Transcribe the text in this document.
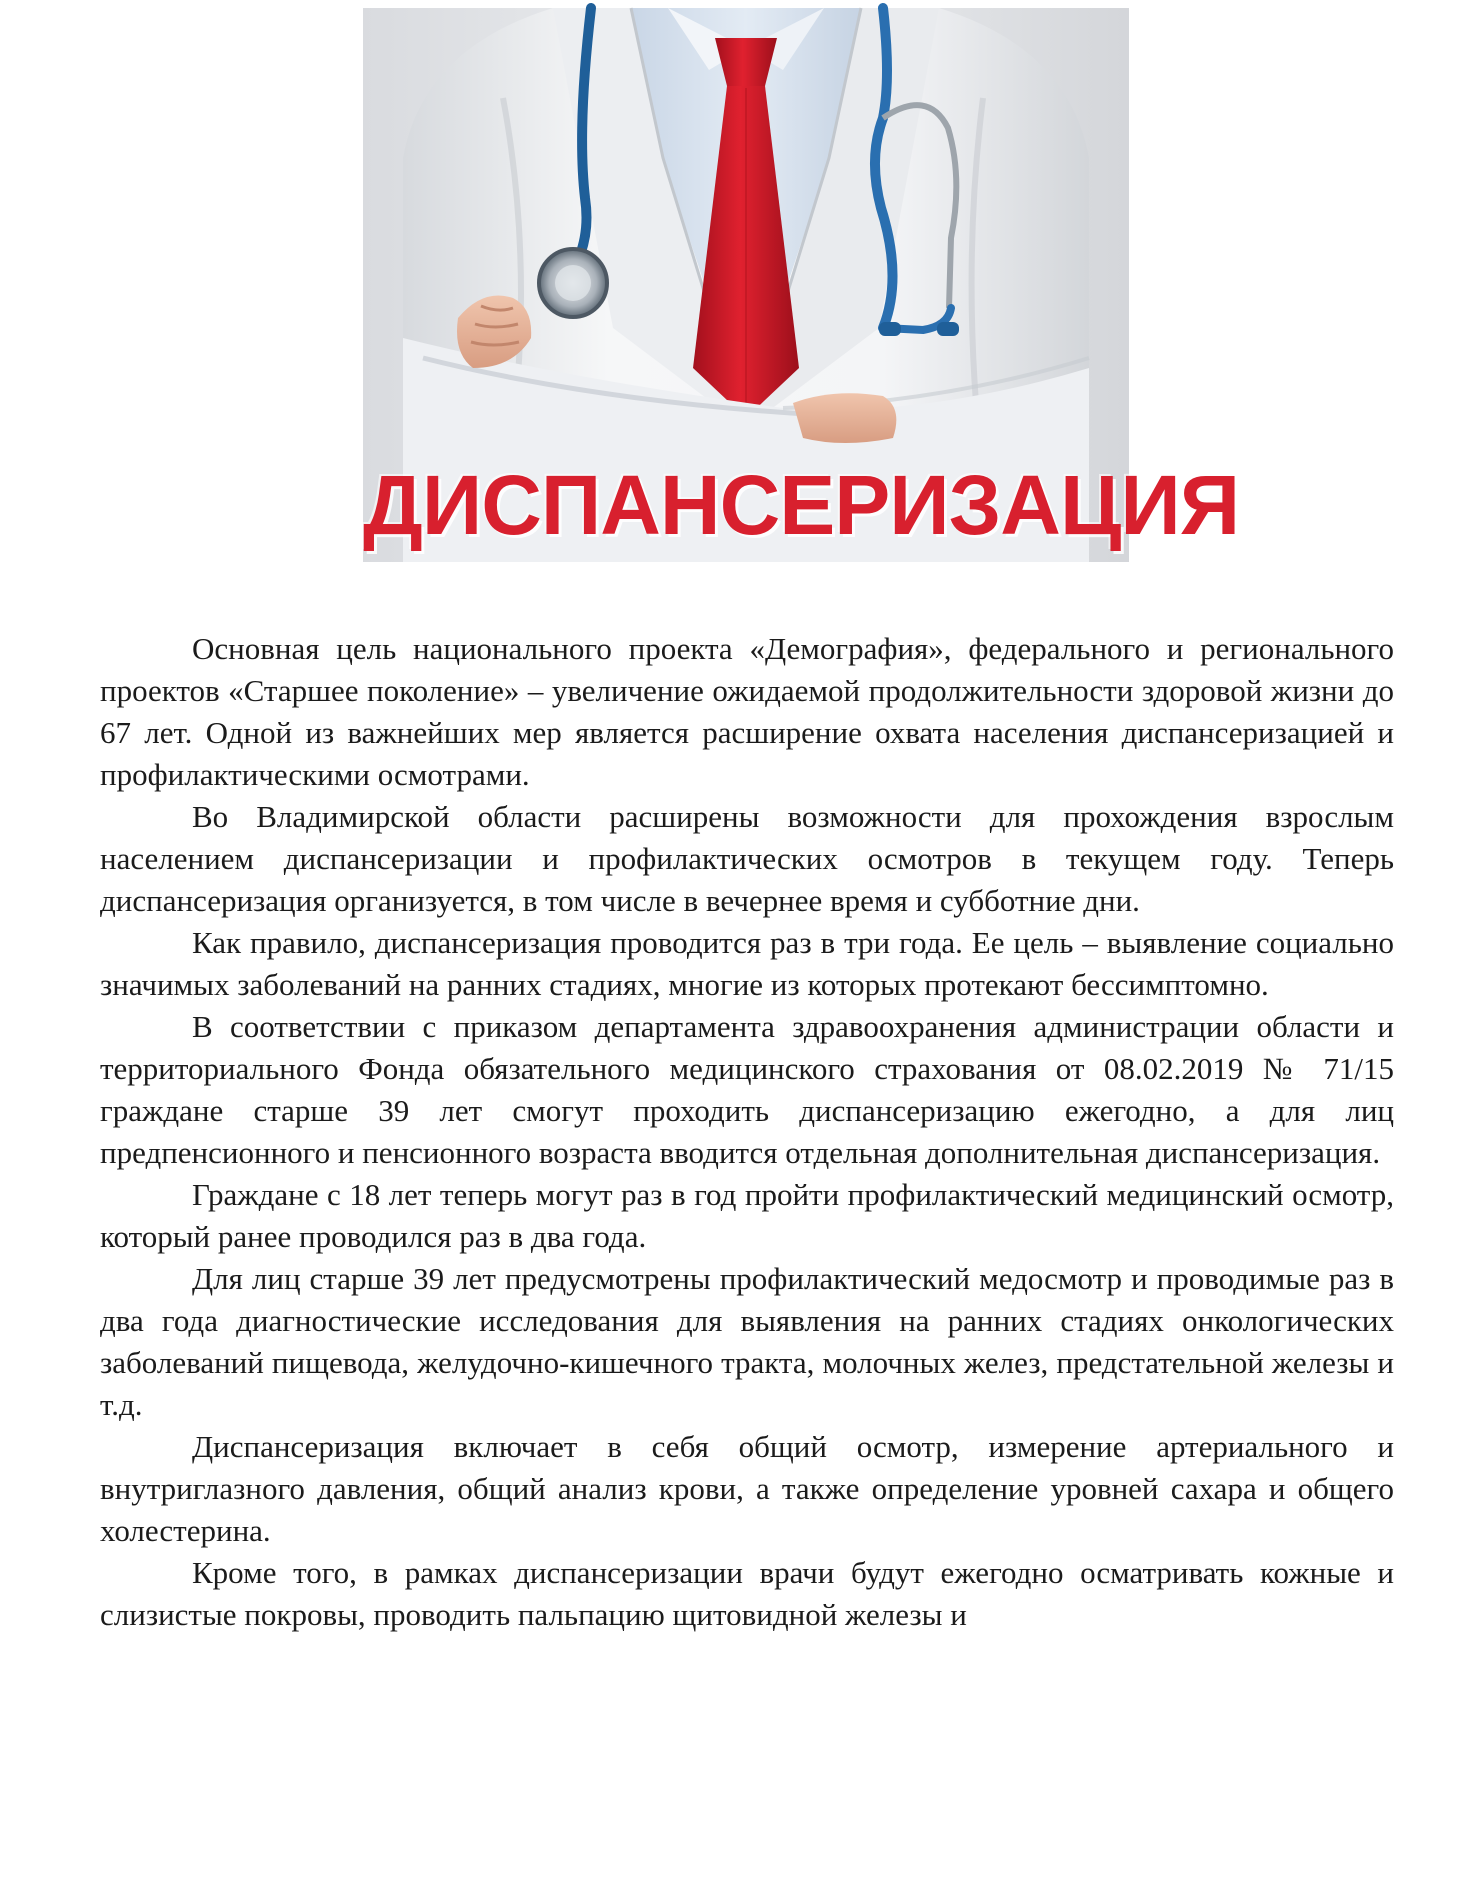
ДИСПАНСЕРИЗАЦИЯ

Основная цель национального проекта «Демография», федерального и регионального проектов «Старшее поколение» – увеличение ожидаемой продолжительности здоровой жизни до 67 лет. Одной из важнейших мер является расширение охвата населения диспансеризацией и профилактическими осмотрами.

Во Владимирской области расширены возможности для прохождения взрослым населением диспансеризации и профилактических осмотров в текущем году. Теперь диспансеризация организуется, в том числе в вечернее время и субботние дни.

Как правило, диспансеризация проводится раз в три года. Ее цель – выявление социально значимых заболеваний на ранних стадиях, многие из которых протекают бессимптомно.

В соответствии с приказом департамента здравоохранения администрации области и территориального Фонда обязательного медицинского страхования от 08.02.2019 № 71/15 граждане старше 39 лет смогут проходить диспансеризацию ежегодно, а для лиц предпенсионного и пенсионного возраста вводится отдельная дополнительная диспансеризация.

Граждане с 18 лет теперь могут раз в год пройти профилактический медицинский осмотр, который ранее проводился раз в два года.

Для лиц старше 39 лет предусмотрены профилактический медосмотр и проводимые раз в два года диагностические исследования для выявления на ранних стадиях онкологических заболеваний пищевода, желудочно-кишечного тракта, молочных желез, предстательной железы и т.д.

Диспансеризация включает в себя общий осмотр, измерение артериального и внутриглазного давления, общий анализ крови, а также определение уровней сахара и общего холестерина.

Кроме того, в рамках диспансеризации врачи будут ежегодно осматривать кожные и слизистые покровы, проводить пальпацию щитовидной железы и
